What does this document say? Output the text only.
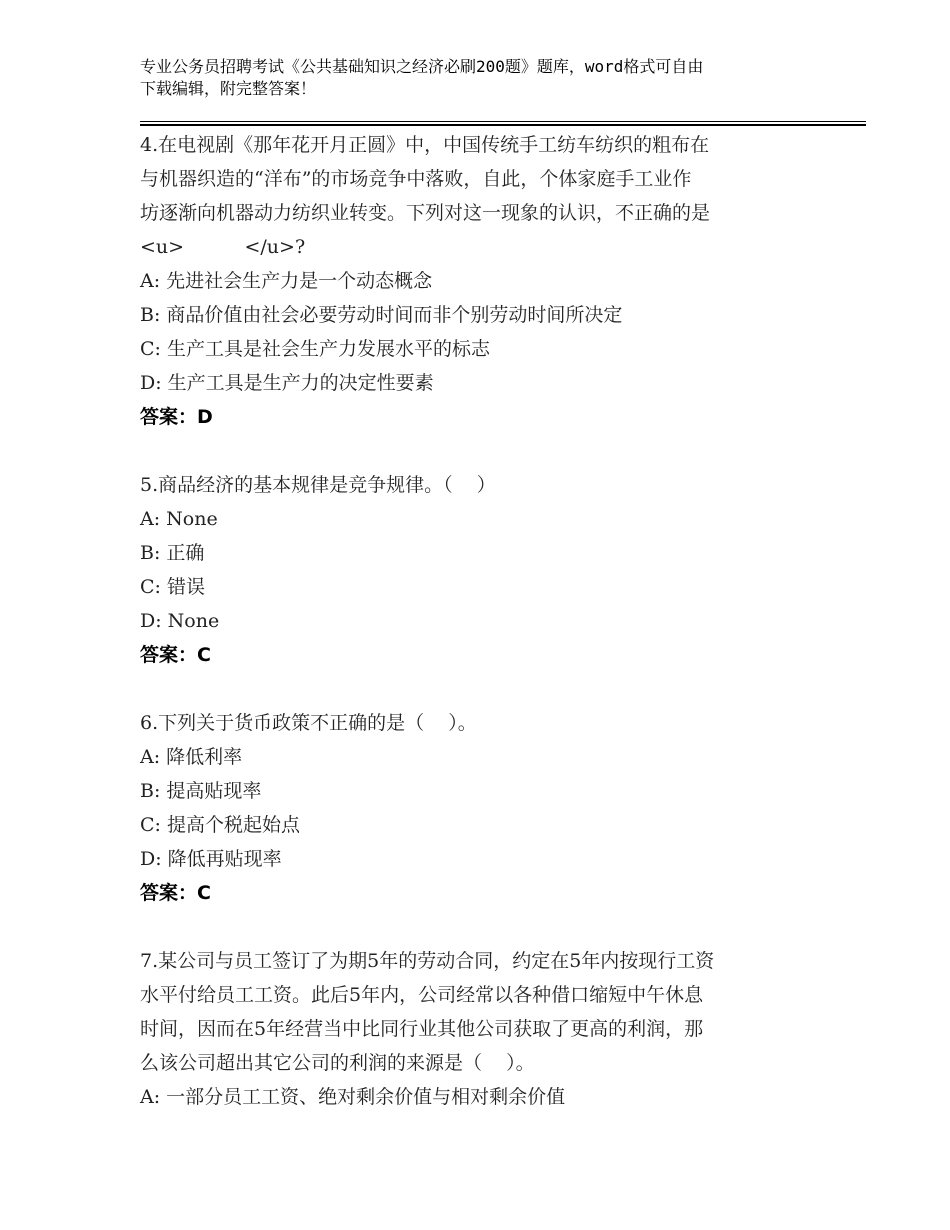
专业公务员招聘考试《公共基础知识之经济必刷200题》题库，word格式可自由
下载编辑，附完整答案！
4.在电视剧《那年花开月正圆》中，中国传统手工纺车纺织的粗布在
与机器织造的“洋布”的市场竞争中落败，自此，个体家庭手工业作
坊逐渐向机器动力纺织业转变。下列对这一现象的认识，不正确的是
<u>          </u>?
A: 先进社会生产力是一个动态概念
B: 商品价值由社会必要劳动时间而非个别劳动时间所决定
C: 生产工具是社会生产力发展水平的标志
D: 生产工具是生产力的决定性要素
答案：D
5.商品经济的基本规律是竞争规律。（    ）
A: None
B: 正确
C: 错误
D: None
答案：C
6.下列关于货币政策不正确的是（    ）。
A: 降低利率
B: 提高贴现率
C: 提高个税起始点
D: 降低再贴现率
答案：C
7.某公司与员工签订了为期5年的劳动合同，约定在5年内按现行工资
水平付给员工工资。此后5年内，公司经常以各种借口缩短中午休息
时间，因而在5年经营当中比同行业其他公司获取了更高的利润，那
么该公司超出其它公司的利润的来源是（    ）。
A: 一部分员工工资、绝对剩余价值与相对剩余价值
